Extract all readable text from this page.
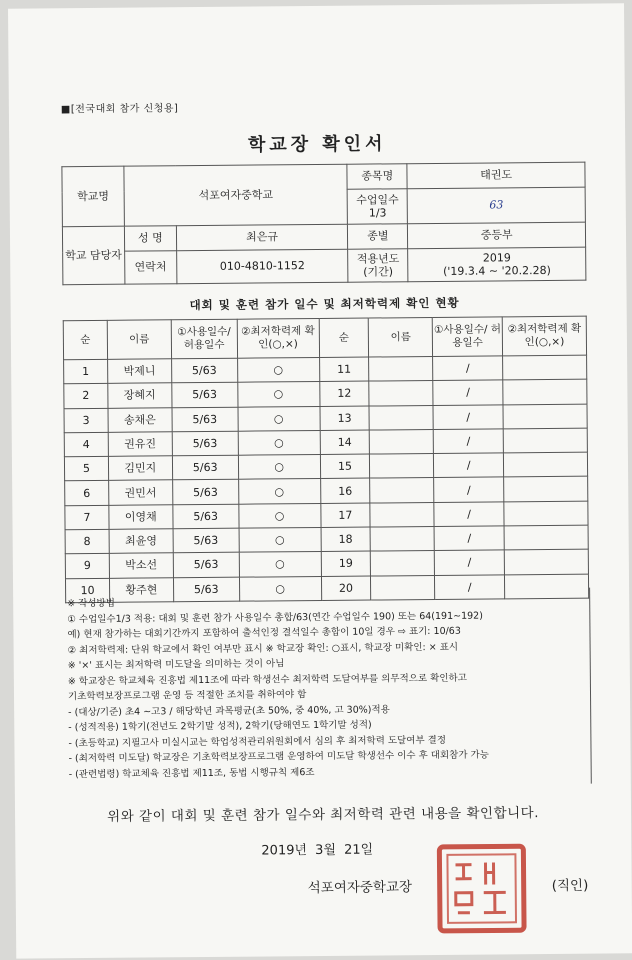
■[전국대회 참가 신청용]
학교장 확인서
학교명	석포여자중학교		종목명	태권도
			수업일수 1/3	63
학교 담당자	성 명	최은규	종별	중등부
	연락처	010-4810-1152	적용년도 (기간)	2019
('19.3.4 ~ '20.2.28)
대회 및 훈련 참가 일수 및 최저학력제 확인 현황
순	이름	①사용일수/ 허용일수	②최저학력제 확인(○,×)	순	이름	①사용일수/ 허용일수	②최저학력제 확인(○,×)
1	박제니	5/63	○	11		/	
2	장혜지	5/63	○	12		/	
3	송채은	5/63	○	13		/	
4	권유진	5/63	○	14		/	
5	김민지	5/63	○	15		/	
6	권민서	5/63	○	16		/	
7	이영채	5/63	○	17		/	
8	최윤영	5/63	○	18		/	
9	박소선	5/63	○	19		/	
10	황주현	5/63	○	20		/	
※ 작성방법
① 수업일수1/3 적용: 대회 및 훈련 참가 사용일수 총합/63(연간 수업일수 190) 또는 64(191~192)
예) 현재 참가하는 대회기간까지 포함하여 출석인정 결석일수 총합이 10일 경우 ⇨ 표기: 10/63
② 최저학력제: 단위 학교에서 확인 여부만 표시 ※ 학교장 확인: ○표시, 학교장 미확인: × 표시
※ '×' 표시는 최저학력 미도달을 의미하는 것이 아님
※ 학교장은 학교체육 진흥법 제11조에 따라 학생선수 최저학력 도달여부를 의무적으로 확인하고
기초학력보장프로그램 운영 등 적절한 조치를 취하여야 함
- (대상/기준) 초4 ~고3 / 해당학년 과목평균(초 50%, 중 40%, 고 30%)적용
- (성적적용) 1학기(전년도 2학기말 성적), 2학기(당해연도 1학기말 성적)
- (초등학교) 지필고사 미실시교는 학업성적관리위원회에서 심의 후 최저학력 도달여부 결정
- (최저학력 미도달) 학교장은 기초학력보장프로그램 운영하여 미도달 학생선수 이수 후 대회참가 가능
- (관련법령) 학교체육 진흥법 제11조, 동법 시행규칙 제6조
위와 같이 대회 및 훈련 참가 일수와 최저학력 관련 내용을 확인합니다.
2019년 3월 21일
석포여자중학교장	(직인)
